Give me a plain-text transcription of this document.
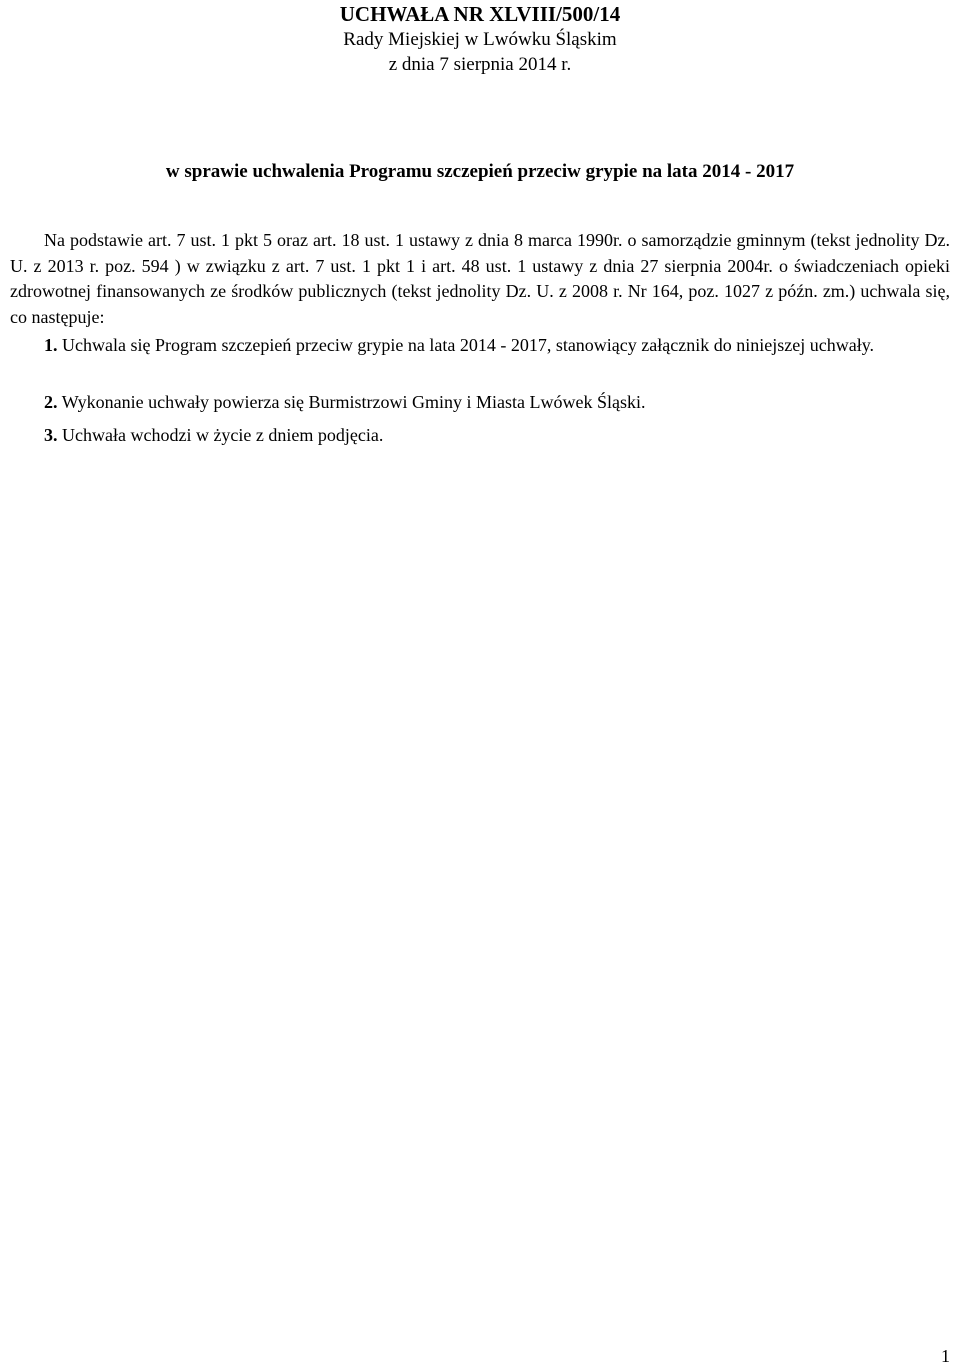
UCHWAŁA NR XLVIII/500/14
Rady Miejskiej w Lwówku Śląskim
z dnia 7 sierpnia 2014 r.
w sprawie uchwalenia Programu szczepień przeciw grypie na lata 2014 - 2017
Na podstawie art. 7 ust. 1 pkt 5 oraz art. 18 ust. 1 ustawy z dnia 8 marca 1990r. o samorządzie gminnym (tekst jednolity Dz. U. z 2013 r. poz. 594 ) w związku z art. 7 ust. 1 pkt 1 i art. 48 ust. 1 ustawy z dnia 27 sierpnia 2004r. o świadczeniach opieki zdrowotnej finansowanych ze środków publicznych (tekst jednolity Dz. U. z 2008 r. Nr 164, poz. 1027 z późn. zm.) uchwala się, co następuje:
1. Uchwala się Program szczepień przeciw grypie na lata 2014 - 2017, stanowiący załącznik do niniejszej uchwały.
2. Wykonanie uchwały powierza się Burmistrzowi Gminy i Miasta Lwówek Śląski.
3. Uchwała wchodzi w życie z dniem podjęcia.
1
